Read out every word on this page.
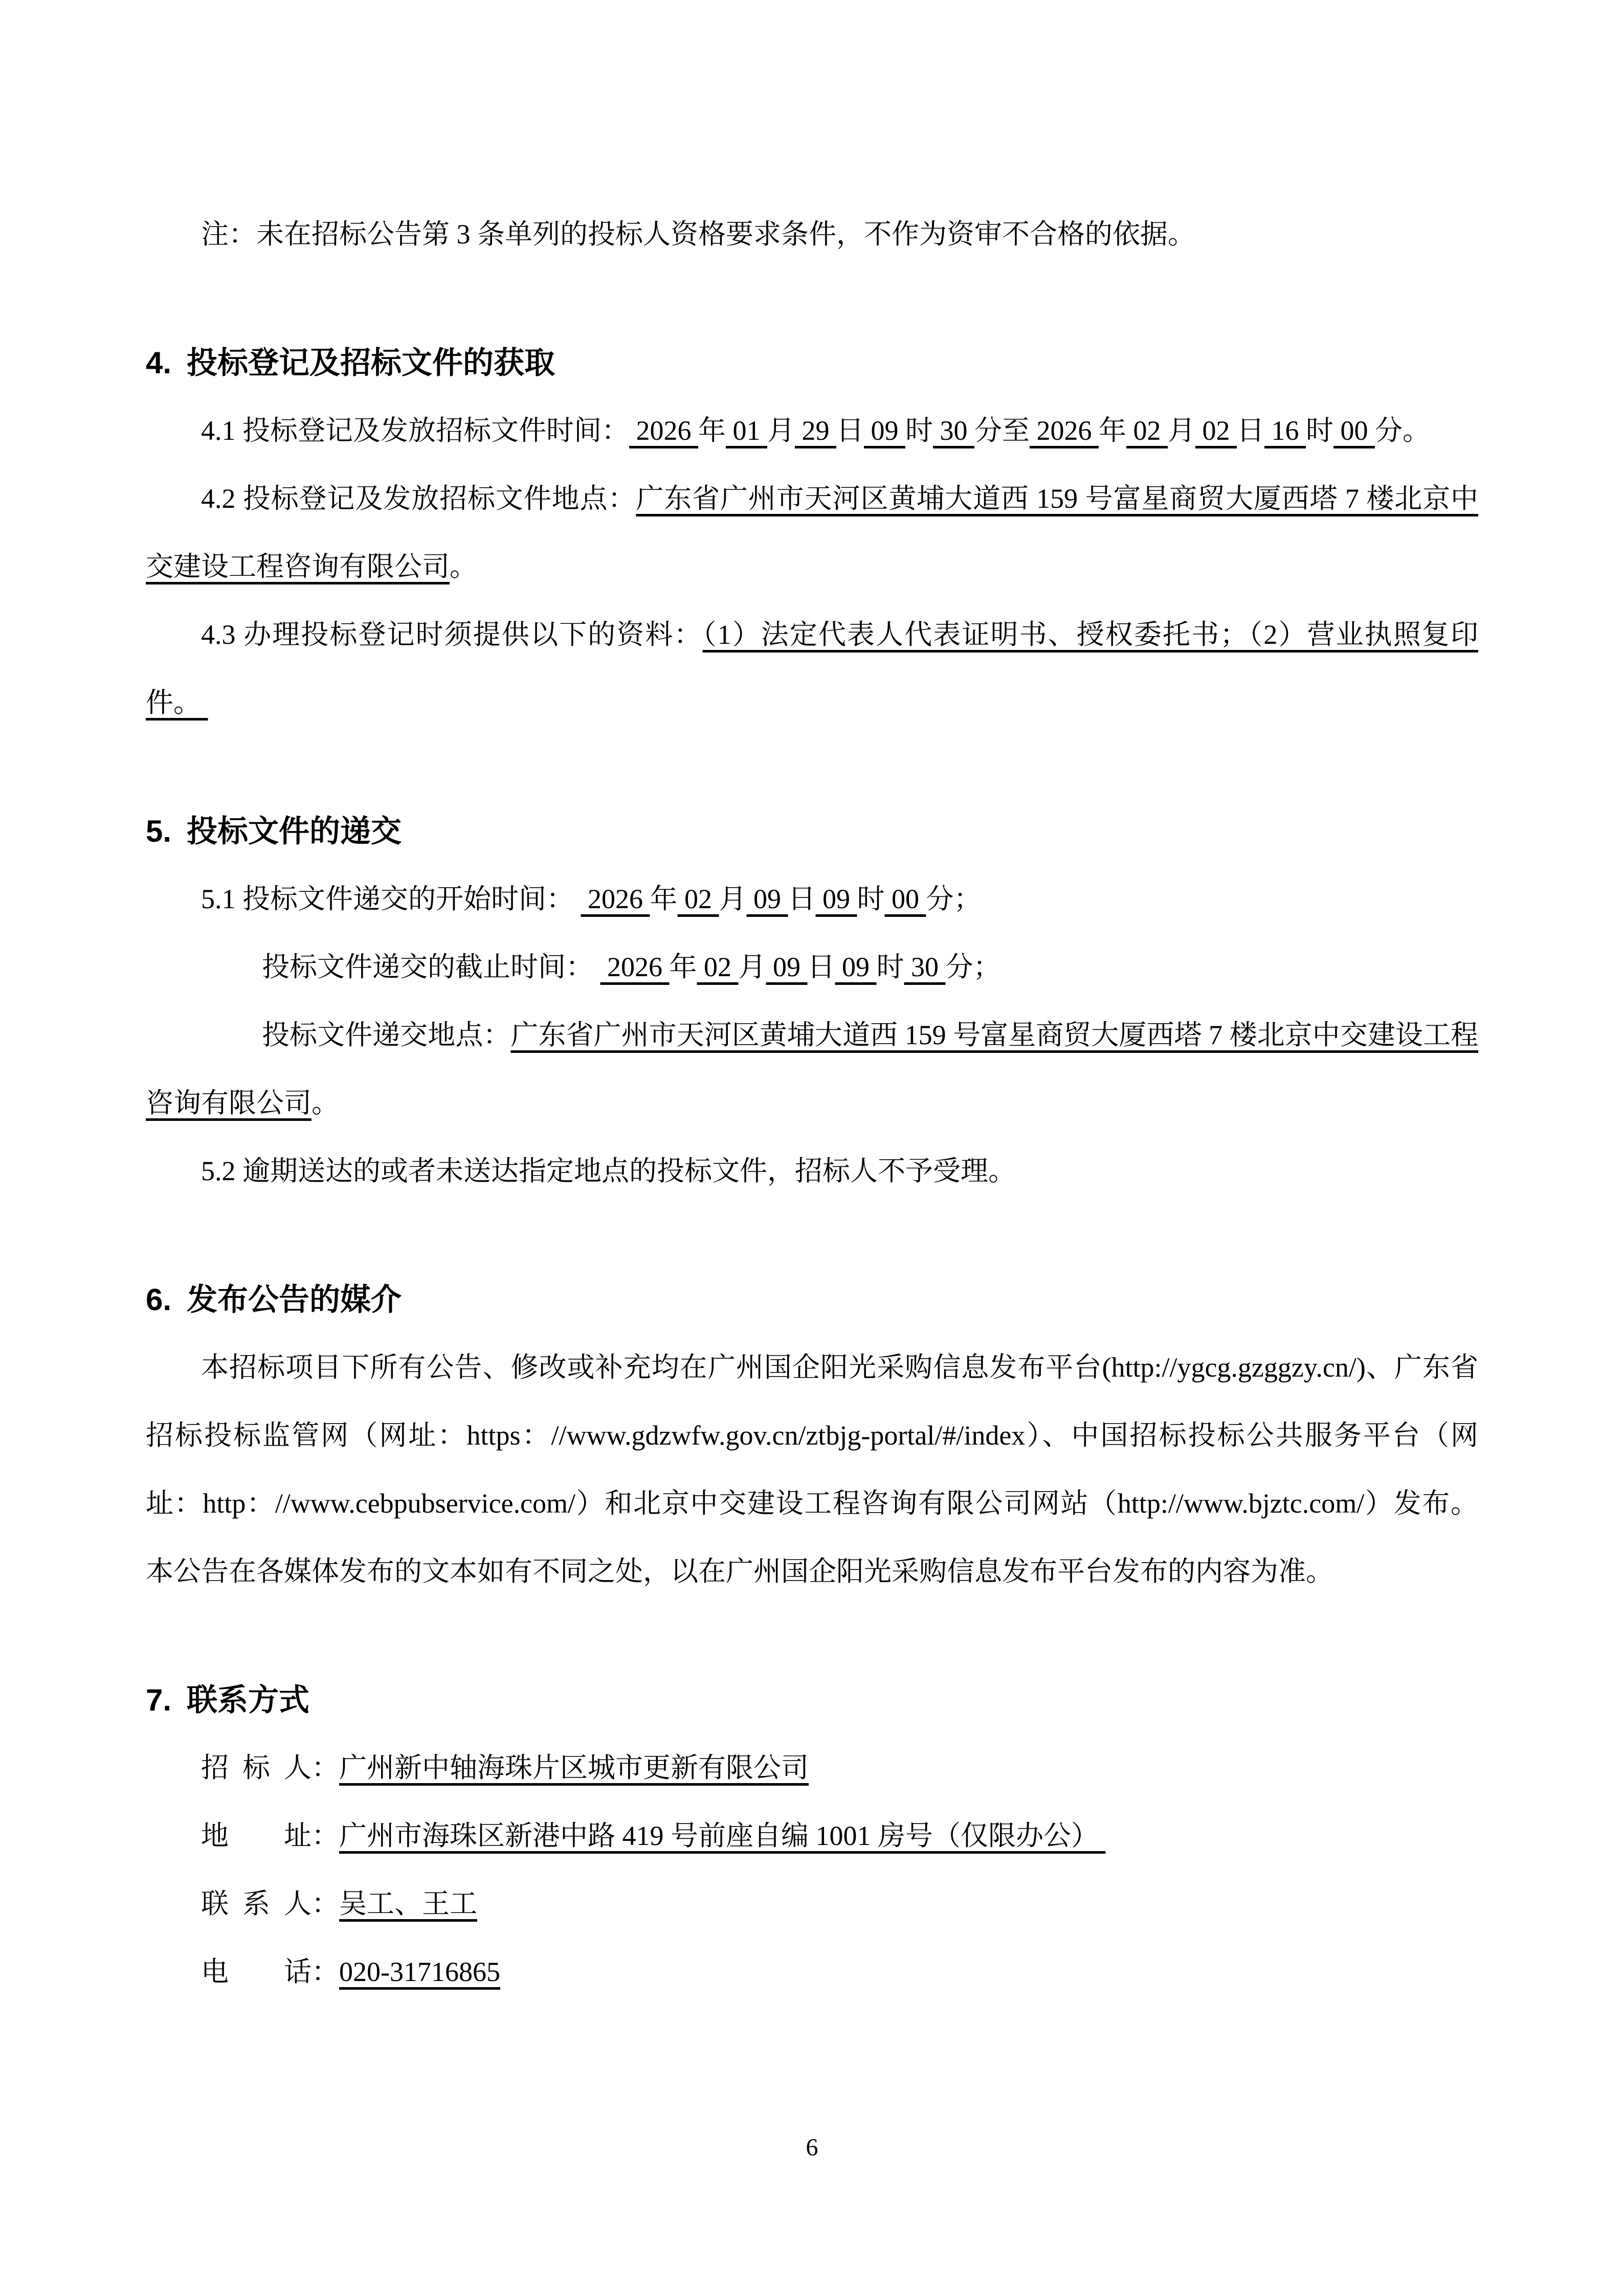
注：未在招标公告第 3 条单列的投标人资格要求条件，不作为资审不合格的依据。

4. 投标登记及招标文件的获取

4.1 投标登记及发放招标文件时间： 2026 年 01 月 29 日 09 时 30 分至 2026 年 02 月 02 日 16 时 00 分。

4.2 投标登记及发放招标文件地点：广东省广州市天河区黄埔大道西 159 号富星商贸大厦西塔 7 楼北京中交建设工程咨询有限公司。

4.3 办理投标登记时须提供以下的资料：（1）法定代表人代表证明书、授权委托书；（2）营业执照复印件。

5. 投标文件的递交

5.1 投标文件递交的开始时间：  2026 年 02 月 09 日 09 时 00 分；

投标文件递交的截止时间：  2026 年 02 月 09 日 09 时 30 分；

投标文件递交地点：广东省广州市天河区黄埔大道西 159 号富星商贸大厦西塔 7 楼北京中交建设工程咨询有限公司。

5.2 逾期送达的或者未送达指定地点的投标文件，招标人不予受理。

6. 发布公告的媒介

本招标项目下所有公告、修改或补充均在广州国企阳光采购信息发布平台(http://ygcg.gzggzy.cn/)、广东省招标投标监管网（网址：https：//www.gdzwfw.gov.cn/ztbjg-portal/#/index）、中国招标投标公共服务平台（网址：http：//www.cebpubservice.com/）和北京中交建设工程咨询有限公司网站（http://www.bjztc.com/）发布。本公告在各媒体发布的文本如有不同之处，以在广州国企阳光采购信息发布平台发布的内容为准。

7. 联系方式

招标人：广州新中轴海珠片区城市更新有限公司

地址：广州市海珠区新港中路 419 号前座自编 1001 房号（仅限办公）

联系人：吴工、王工

电话：020-31716865

6
